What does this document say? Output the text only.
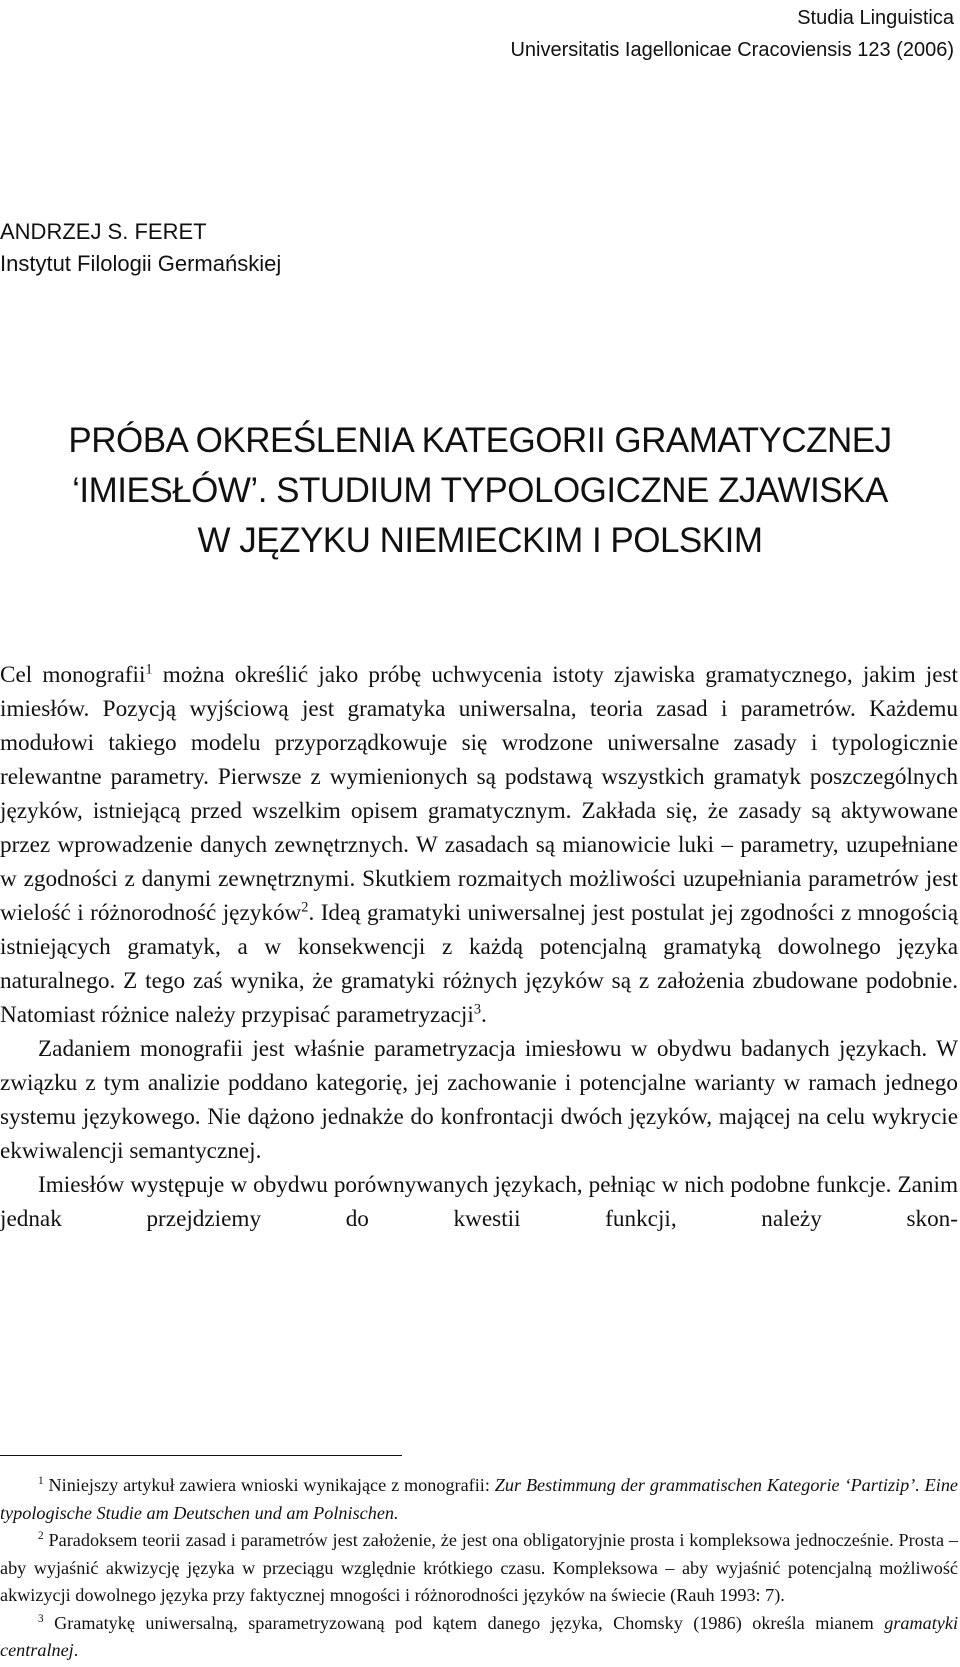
Studia Linguistica
Universitatis Iagellonicae Cracoviensis 123 (2006)
ANDRZEJ S. FERET
Instytut Filologii Germańskiej
PRÓBA OKREŚLENIA KATEGORII GRAMATYCZNEJ
‘IMIESŁÓW’. STUDIUM TYPOLOGICZNE ZJAWISKA
W JĘZYKU NIEMIECKIM I POLSKIM

Cel monografii$^1$ można określić jako próbę uchwycenia istoty zjawiska gramatycznego, jakim jest imiesłów. Pozycją wyjściową jest gramatyka uniwersalna, teoria zasad i parametrów. Każdemu modułowi takiego modelu przyporządkowuje się wrodzone uniwersalne zasady i typologicznie relewantne parametry. Pierwsze z wymienionych są podstawą wszystkich gramatyk poszczególnych języków, istniejącą przed wszelkim opisem gramatycznym. Zakłada się, że zasady są aktywowane przez wprowadzenie danych zewnętrznych. W zasadach są mianowicie luki – parametry, uzupełniane w zgodności z danymi zewnętrznymi. Skutkiem rozmaitych możliwości uzupełniania parametrów jest wielość i różnorodność języków$^2$. Ideą gramatyki uniwersalnej jest postulat jej zgodności z mnogością istniejących gramatyk, a w konsekwencji z każdą potencjalną gramatyką dowolnego języka naturalnego. Z tego zaś wynika, że gramatyki różnych języków są z założenia zbudowane podobnie. Natomiast różnice należy przypisać parametryzacji$^3$.

Zadaniem monografii jest właśnie parametryzacja imiesłowu w obydwu badanych językach. W związku z tym analizie poddano kategorię, jej zachowanie i potencjalne warianty w ramach jednego systemu językowego. Nie dążono jednakże do konfrontacji dwóch języków, mającej na celu wykrycie ekwiwalencji semantycznej.

Imiesłów występuje w obydwu porównywanych językach, pełniąc w nich podobne funkcje. Zanim jednak przejdziemy do kwestii funkcji, należy skon-

$^1$ Niniejszy artykuł zawiera wnioski wynikające z monografii: Zur Bestimmung der grammatischen Kategorie ‘Partizip’. Eine typologische Studie am Deutschen und am Polnischen.

$^2$ Paradoksem teorii zasad i parametrów jest założenie, że jest ona obligatoryjnie prosta i kompleksowa jednocześnie. Prosta – aby wyjaśnić akwizycję języka w przeciągu względnie krótkiego czasu. Kompleksowa – aby wyjaśnić potencjalną możliwość akwizycji dowolnego języka przy faktycznej mnogości i różnorodności języków na świecie (Rauh 1993: 7).

$^3$ Gramatykę uniwersalną, sparametryzowaną pod kątem danego języka, Chomsky (1986) określa mianem gramatyki centralnej.
